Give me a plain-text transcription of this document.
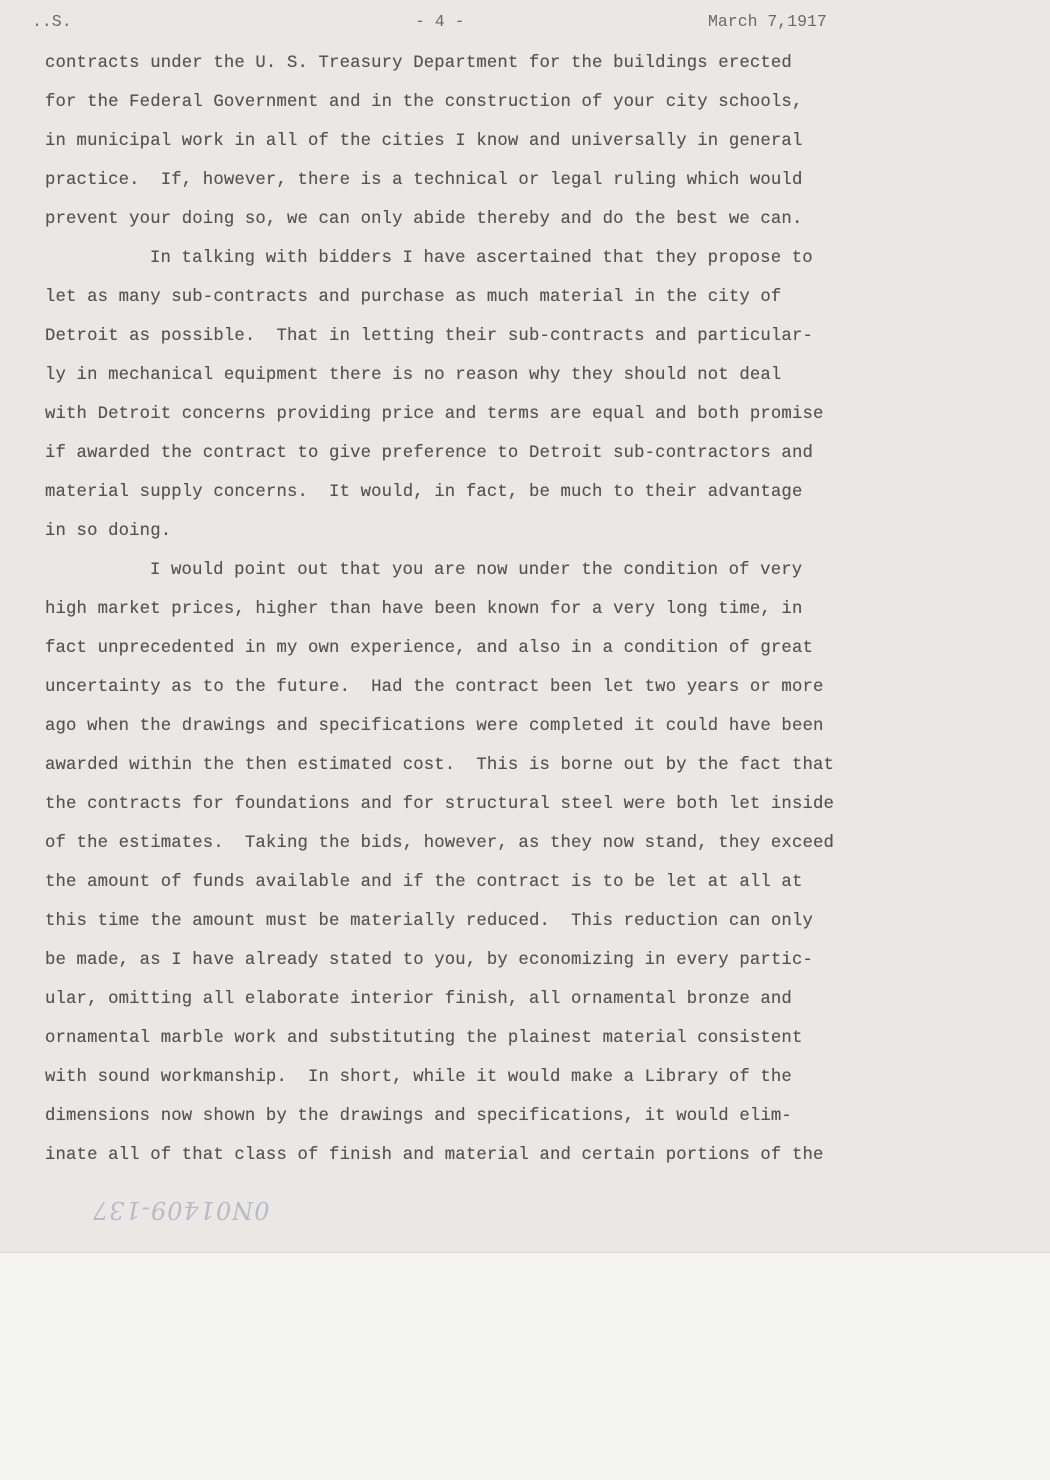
..S.	- 4 -	March 7,1917
contracts under the U. S. Treasury Department for the buildings erected
for the Federal Government and in the construction of your city schools,
in municipal work in all of the cities I know and universally in general
practice.  If, however, there is a technical or legal ruling which would
prevent your doing so, we can only abide thereby and do the best we can.
In talking with bidders I have ascertained that they propose to
let as many sub-contracts and purchase as much material in the city of
Detroit as possible.  That in letting their sub-contracts and particular-
ly in mechanical equipment there is no reason why they should not deal
with Detroit concerns providing price and terms are equal and both promise
if awarded the contract to give preference to Detroit sub-contractors and
material supply concerns.  It would, in fact, be much to their advantage
in so doing.
I would point out that you are now under the condition of very
high market prices, higher than have been known for a very long time, in
fact unprecedented in my own experience, and also in a condition of great
uncertainty as to the future.  Had the contract been let two years or more
ago when the drawings and specifications were completed it could have been
awarded within the then estimated cost.  This is borne out by the fact that
the contracts for foundations and for structural steel were both let inside
of the estimates.  Taking the bids, however, as they now stand, they exceed
the amount of funds available and if the contract is to be let at all at
this time the amount must be materially reduced.  This reduction can only
be made, as I have already stated to you, by economizing in every partic-
ular, omitting all elaborate interior finish, all ornamental bronze and
ornamental marble work and substituting the plainest material consistent
with sound workmanship.  In short, while it would make a Library of the
dimensions now shown by the drawings and specifications, it would elim-
inate all of that class of finish and material and certain portions of the
0N01409-137
